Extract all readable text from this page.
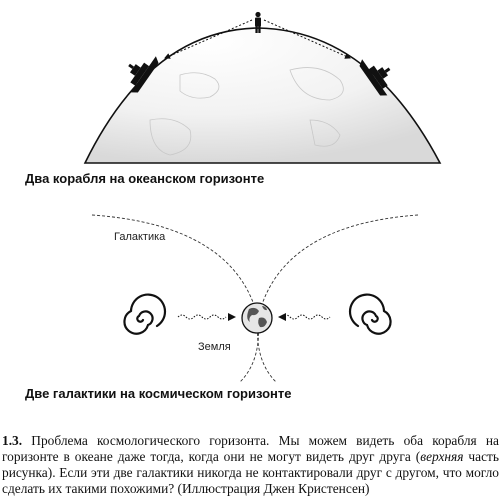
Два корабля на океанском горизонте
Галактика
Земля
Две галактики на космическом горизонте
1.3. Проблема космологического горизонта. Мы можем видеть оба корабля на горизонте в океане даже тогда, когда они не могут видеть друг друга (верхняя часть рисунка). Если эти две галактики никогда не контактировали друг с другом, что могло сделать их такими похожими? (Иллюстрация Джен Кристенсен)
